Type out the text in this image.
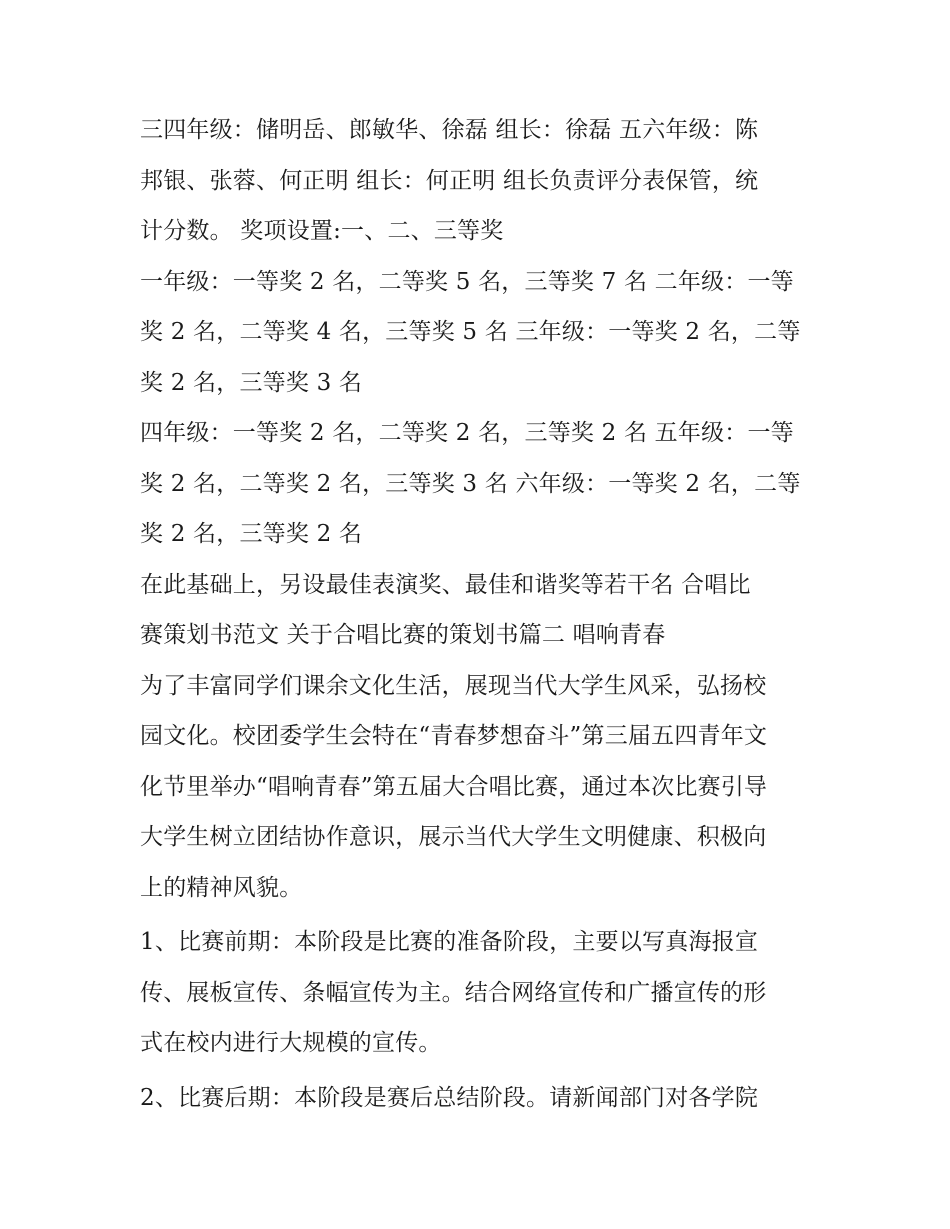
三四年级：储明岳、郎敏华、徐磊 组长：徐磊 五六年级：陈
邦银、张蓉、何正明 组长：何正明 组长负责评分表保管，统
计分数。 奖项设置:一、二、三等奖
一年级：一等奖 2 名，二等奖 5 名，三等奖 7 名 二年级：一等
奖 2 名，二等奖 4 名，三等奖 5 名 三年级：一等奖 2 名，二等
奖 2 名，三等奖 3 名
四年级：一等奖 2 名，二等奖 2 名，三等奖 2 名 五年级：一等
奖 2 名，二等奖 2 名，三等奖 3 名 六年级：一等奖 2 名，二等
奖 2 名，三等奖 2 名
在此基础上，另设最佳表演奖、最佳和谐奖等若干名 合唱比
赛策划书范文 关于合唱比赛的策划书篇二 唱响青春
为了丰富同学们课余文化生活，展现当代大学生风采，弘扬校
园文化。校团委学生会特在“青春梦想奋斗”第三届五四青年文
化节里举办“唱响青春”第五届大合唱比赛，通过本次比赛引导
大学生树立团结协作意识，展示当代大学生文明健康、积极向
上的精神风貌。
1、比赛前期：本阶段是比赛的准备阶段，主要以写真海报宣
传、展板宣传、条幅宣传为主。结合网络宣传和广播宣传的形
式在校内进行大规模的宣传。
2、比赛后期：本阶段是赛后总结阶段。请新闻部门对各学院
